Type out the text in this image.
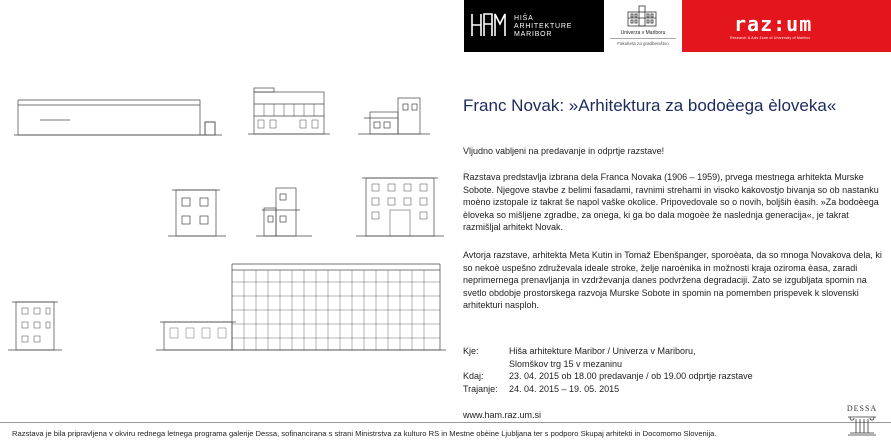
HIŠA
ARHITEKTURE
MARIBOR	Univerza v Mariboru
Fakulteta za gradbeništvo
raz:um
Research & Arts Zone of University of Maribor
Franc Novak: »Arhitektura za bodoèega èloveka«
Vljudno vabljeni na predavanje in odprtje razstave!
Razstava predstavlja izbrana dela Franca Novaka (1906 – 1959), prvega mestnega arhitekta Murske Sobote. Njegove stavbe z belimi fasadami, ravnimi strehami in visoko kakovostjo bivanja so ob nastanku moèno izstopale iz takrat še napol vaške okolice. Pripovedovale so o novih, boljših èasih. »Za bodoèega èloveka so mišljene zgradbe, za onega, ki ga bo dala mogoèe že naslednja generacija«, je takrat razmišljal arhitekt Novak.
Avtorja razstave, arhitekta Meta Kutin in Tomaž Ebenšpanger, sporoèata, da so mnoga Novakova dela, ki so nekoè uspešno združevala ideale stroke, želje naroènika in možnosti kraja oziroma èasa, zaradi neprimernega prenavljanja in vzdrževanja danes podvržena degradaciji. Zato se izgubljata spomin na svetlo obdobje prostorskega razvoja Murske Sobote in spomin na pomemben prispevek k slovenski arhitekturi nasploh.
Kje:	Hiša arhitekture Maribor / Univerza v Mariboru,
Slomškov trg 15 v mezaninu
Kdaj:	23. 04. 2015 ob 18.00 predavanje / ob 19.00 odprtje razstave
Trajanje: 24. 04. 2015 – 19. 05. 2015
www.ham.raz.um.si
Razstava je bila pripravljena v okviru rednega letnega programa galerije Dessa, sofinancirana s strani Ministrstva za kulturo RS in Mestne obèine Ljubljana ter s podporo Skupaj arhitekti in Docomomo Slovenija.
DESSA
